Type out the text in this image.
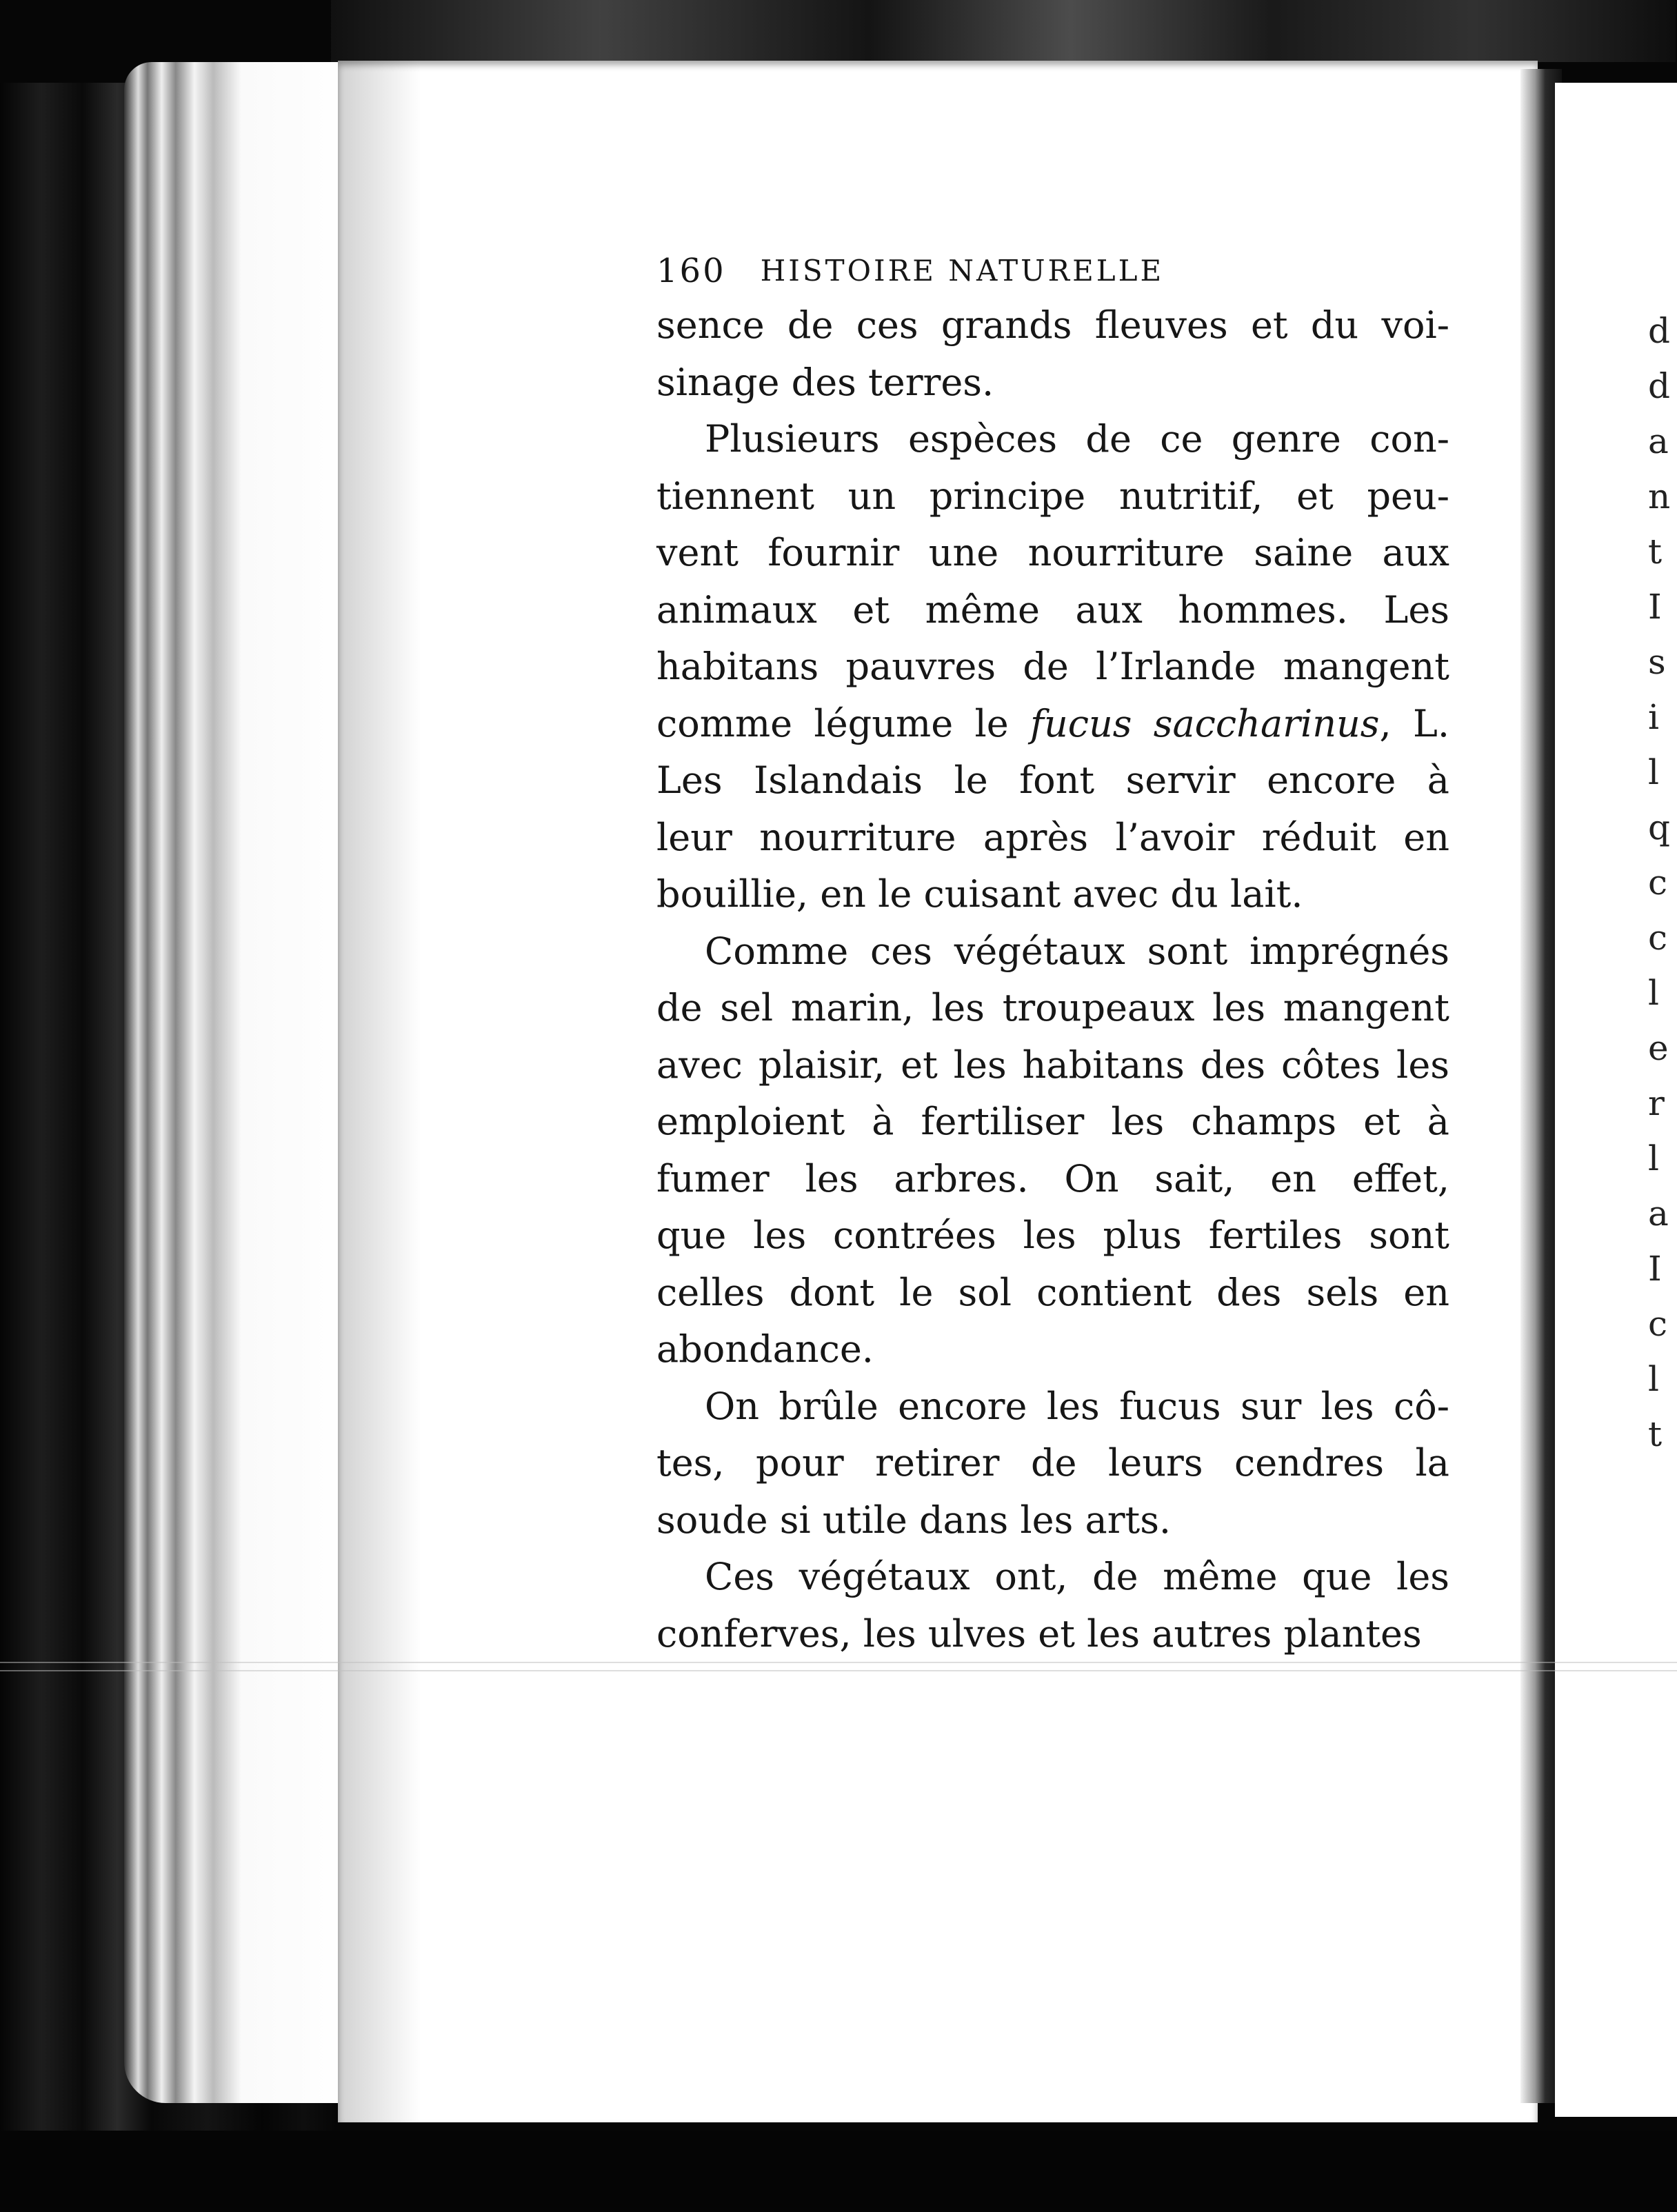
d
d
a
n
t
I
s
i
l
q
c
c
l
e
r
l
a
I
c
l
t
160 HISTOIRE NATURELLE
sence de ces grands fleuves et du voi-
sinage des terres.
Plusieurs espèces de ce genre con-
tiennent un principe nutritif, et peu-
vent fournir une nourriture saine aux
animaux et même aux hommes. Les
habitans pauvres de l’Irlande mangent
comme légume le fucus saccharinus, L.
Les Islandais le font servir encore à
leur nourriture après l’avoir réduit en
bouillie, en le cuisant avec du lait.
Comme ces végétaux sont imprégnés
de sel marin, les troupeaux les mangent
avec plaisir, et les habitans des côtes les
emploient à fertiliser les champs et à
fumer les arbres. On sait, en effet,
que les contrées les plus fertiles sont
celles dont le sol contient des sels en
abondance.
On brûle encore les fucus sur les cô-
tes, pour retirer de leurs cendres la
soude si utile dans les arts.
Ces végétaux ont, de même que les
conferves, les ulves et les autres plantes
